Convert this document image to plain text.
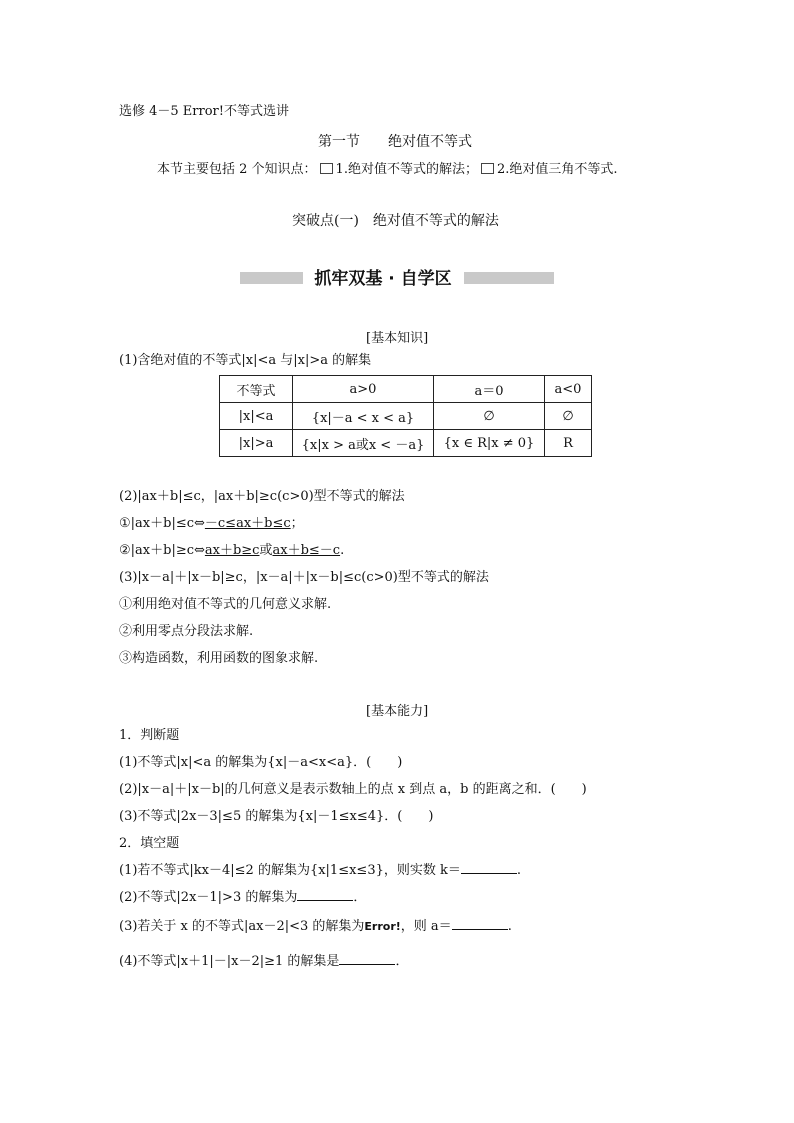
选修 4－5 Error!不等式选讲
第一节　　绝对值不等式
本节主要包括 2 个知识点： 1.绝对值不等式的解法； 2.绝对值三角不等式.
突破点(一)　绝对值不等式的解法
抓牢双基 · 自学区
[基本知识]
(1)含绝对值的不等式|x|<a 与|x|>a 的解集
不等式	a>0	a＝0	a<0
|x|<a	{x|－a < x < a}	∅	∅
|x|>a	{x|x > a或x < －a}	{x ∈ R|x ≠ 0}	R
(2)|ax＋b|≤c，|ax＋b|≥c(c>0)型不等式的解法
①|ax＋b|≤c⇔－c≤ax＋b≤c；
②|ax＋b|≥c⇔ax＋b≥c或ax＋b≤－c.
(3)|x－a|＋|x－b|≥c，|x－a|＋|x－b|≤c(c>0)型不等式的解法
①利用绝对值不等式的几何意义求解.
②利用零点分段法求解.
③构造函数，利用函数的图象求解.
[基本能力]
1．判断题
(1)不等式|x|<a 的解集为{x|－a<x<a}．(　　)
(2)|x－a|＋|x－b|的几何意义是表示数轴上的点 x 到点 a，b 的距离之和．(　　)
(3)不等式|2x－3|≤5 的解集为{x|－1≤x≤4}．(　　)
2．填空题
(1)若不等式|kx－4|≤2 的解集为{x|1≤x≤3}，则实数 k＝	.
(2)不等式|2x－1|>3 的解集为	．
(3)若关于 x 的不等式|ax－2|<3 的解集为Error!，则 a＝	.
(4)不等式|x＋1|－|x－2|≥1 的解集是	．
